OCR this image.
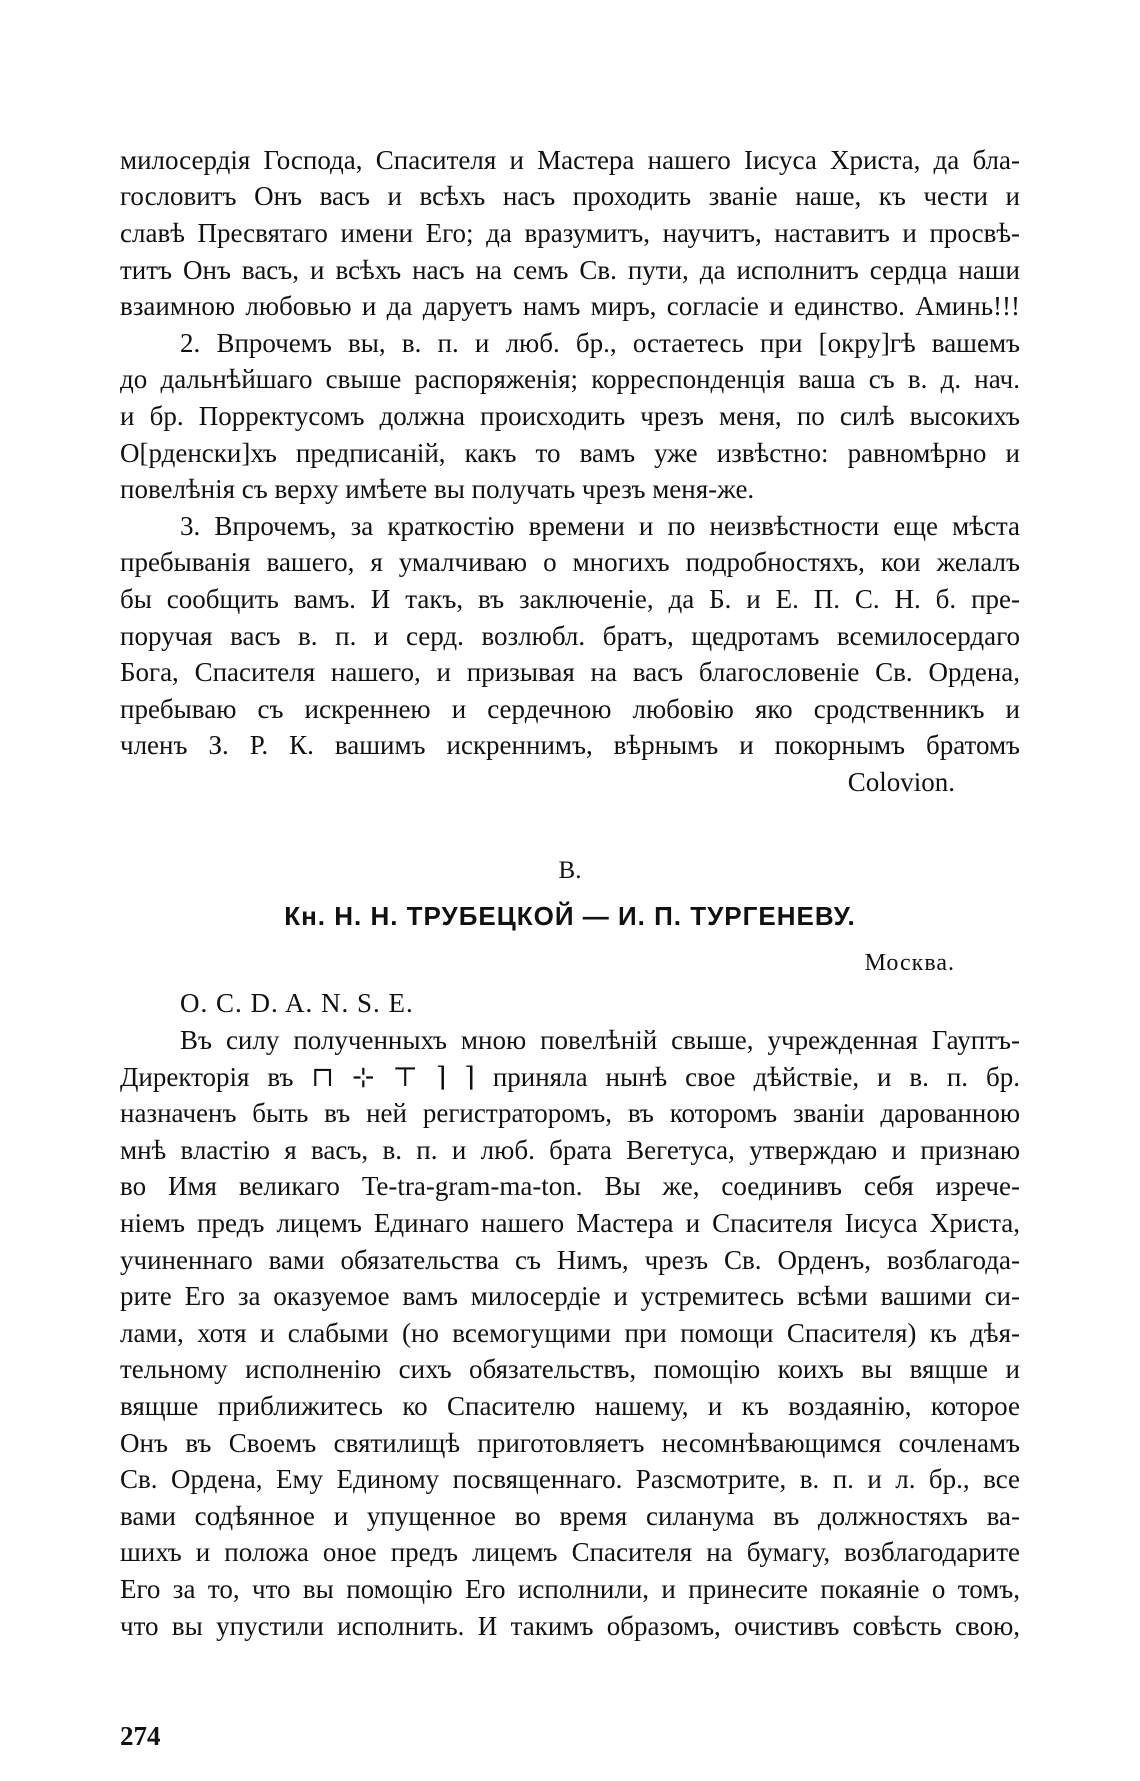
милосердія Господа, Спасителя и Мастера нашего Іисуса Христа, да бла-

гословитъ Онъ васъ и всѣхъ насъ проходить званіе наше, къ чести и

славѣ Пресвятаго имени Его; да вразумитъ, научитъ, наставитъ и просвѣ-

титъ Онъ васъ, и всѣхъ насъ на семъ Св. пути, да исполнитъ сердца наши

взаимною любовью и да даруетъ намъ миръ, согласіе и единство. Аминь!!!

2. Впрочемъ вы, в. п. и люб. бр., остаетесь при [окру]гѣ вашемъ

до дальнѣйшаго свыше распоряженія; корреспонденція ваша съ в. д. нач.

и бр. Порректусомъ должна происходить чрезъ меня, по силѣ высокихъ

О[рденски]хъ предписаній, какъ то вамъ уже извѣстно: равномѣрно и

повелѣнія съ верху имѣете вы получать чрезъ меня-же.

3. Впрочемъ, за краткостію времени и по неизвѣстности еще мѣста

пребыванія вашего, я умалчиваю о многихъ подробностяхъ, кои желалъ

бы сообщить вамъ. И такъ, въ заключеніе, да Б. и Е. П. С. Н. б. пре-

поручая васъ в. п. и серд. возлюбл. братъ, щедротамъ всемилосердаго

Бога, Спасителя нашего, и призывая на васъ благословеніе Св. Ордена,

пребываю съ искреннею и сердечною любовію яко сродственникъ и

членъ З. Р. К. вашимъ искреннимъ, вѣрнымъ и покорнымъ братомъ

Colovion.
В.
Кн. Н. Н. ТРУБЕЦКОЙ — И. П. ТУРГЕНЕВУ.
Москва.
O. C. D. A. N. S. E.

Въ силу полученныхъ мною повелѣній свыше, учрежденная Гауптъ-

Директорія въ ⊓ ⊹ ⊤ ⌉ ⌉ приняла нынѣ свое дѣйствіе, и в. п. бр.

назначенъ быть въ ней регистраторомъ, въ которомъ званіи дарованною

мнѣ властію я васъ, в. п. и люб. брата Вегетуса, утверждаю и признаю

во Имя великаго Te-tra-gram-ma-ton. Вы же, соединивъ себя изрече-

ніемъ предъ лицемъ Единаго нашего Мастера и Спасителя Іисуса Христа,

учиненнаго вами обязательства съ Нимъ, чрезъ Св. Орденъ, возблагода-

рите Его за оказуемое вамъ милосердіе и устремитесь всѣми вашими си-

лами, хотя и слабыми (но всемогущими при помощи Спасителя) къ дѣя-

тельному исполненію сихъ обязательствъ, помощію коихъ вы вящше и

вящше приближитесь ко Спасителю нашему, и къ воздаянію, которое

Онъ въ Своемъ святилищѣ приготовляетъ несомнѣвающимся сочленамъ

Св. Ордена, Ему Единому посвященнаго. Разсмотрите, в. п. и л. бр., все

вами содѣянное и упущенное во время силанума въ должностяхъ ва-

шихъ и положа оное предъ лицемъ Спасителя на бумагу, возблагодарите

Его за то, что вы помощію Его исполнили, и принесите покаяніе о томъ,

что вы упустили исполнить. И такимъ образомъ, очистивъ совѣсть свою,

274
